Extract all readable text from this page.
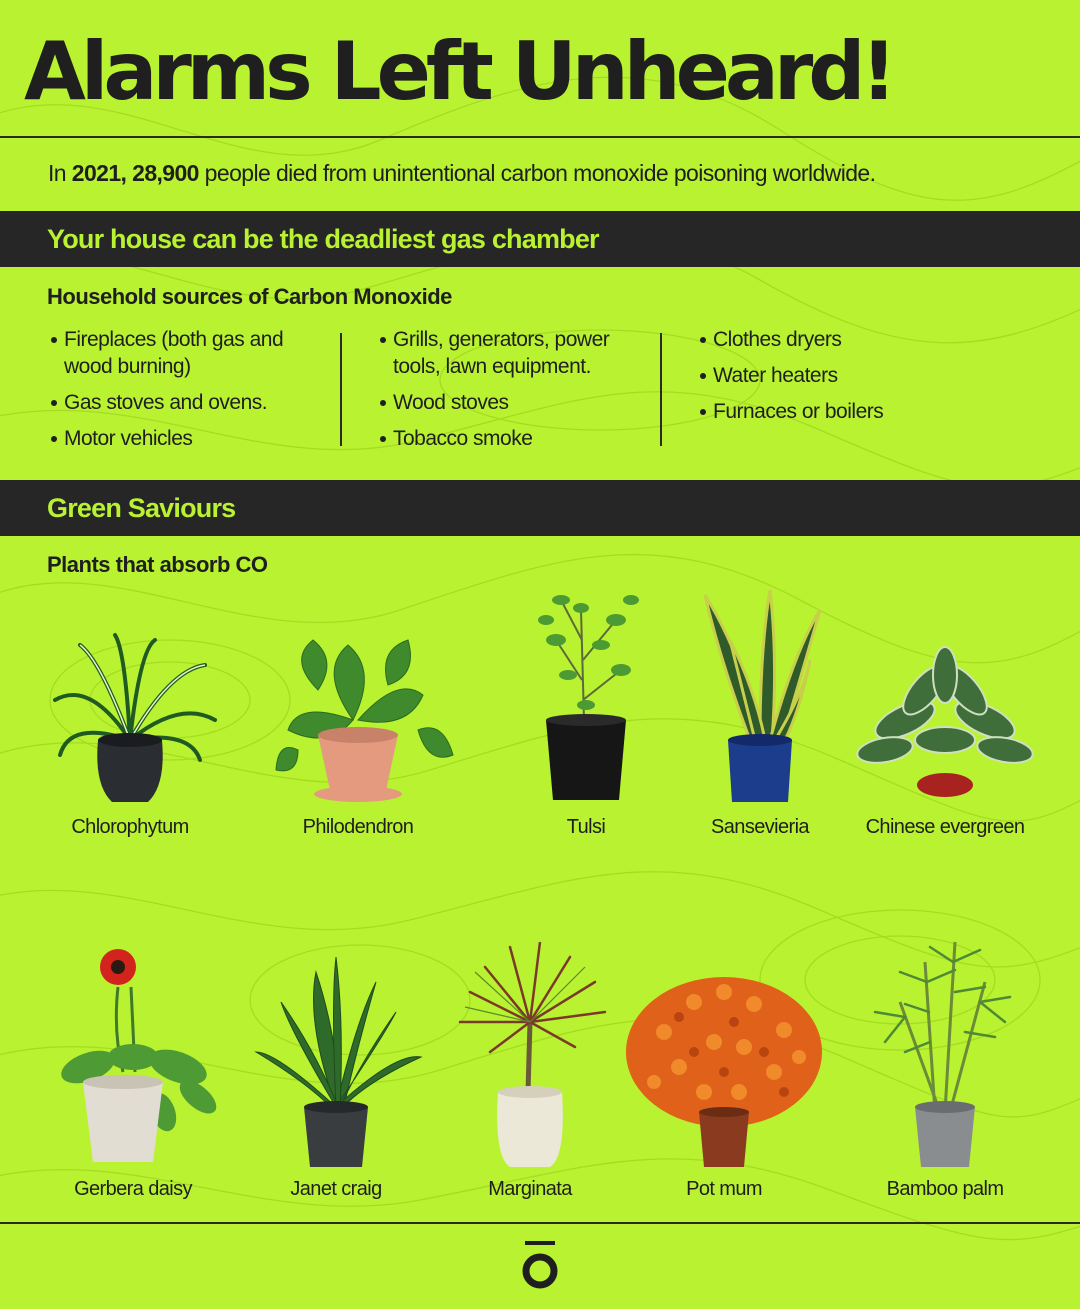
Alarms Left Unheard!
In 2021, 28,900 people died from unintentional carbon monoxide poisoning worldwide.
Your house can be the deadliest gas chamber
Household sources of Carbon Monoxide
Fireplaces (both gas and wood burning)
Gas stoves and ovens.
Motor vehicles
Grills, generators, power tools, lawn equipment.
Wood stoves
Tobacco smoke
Clothes dryers
Water heaters
Furnaces or boilers
Green Saviours
Plants that absorb CO
Chlorophytum	Philodendron	Tulsi	Sansevieria	Chinese evergreen
Gerbera daisy	Janet craig	Marginata	Pot mum	Bamboo palm
